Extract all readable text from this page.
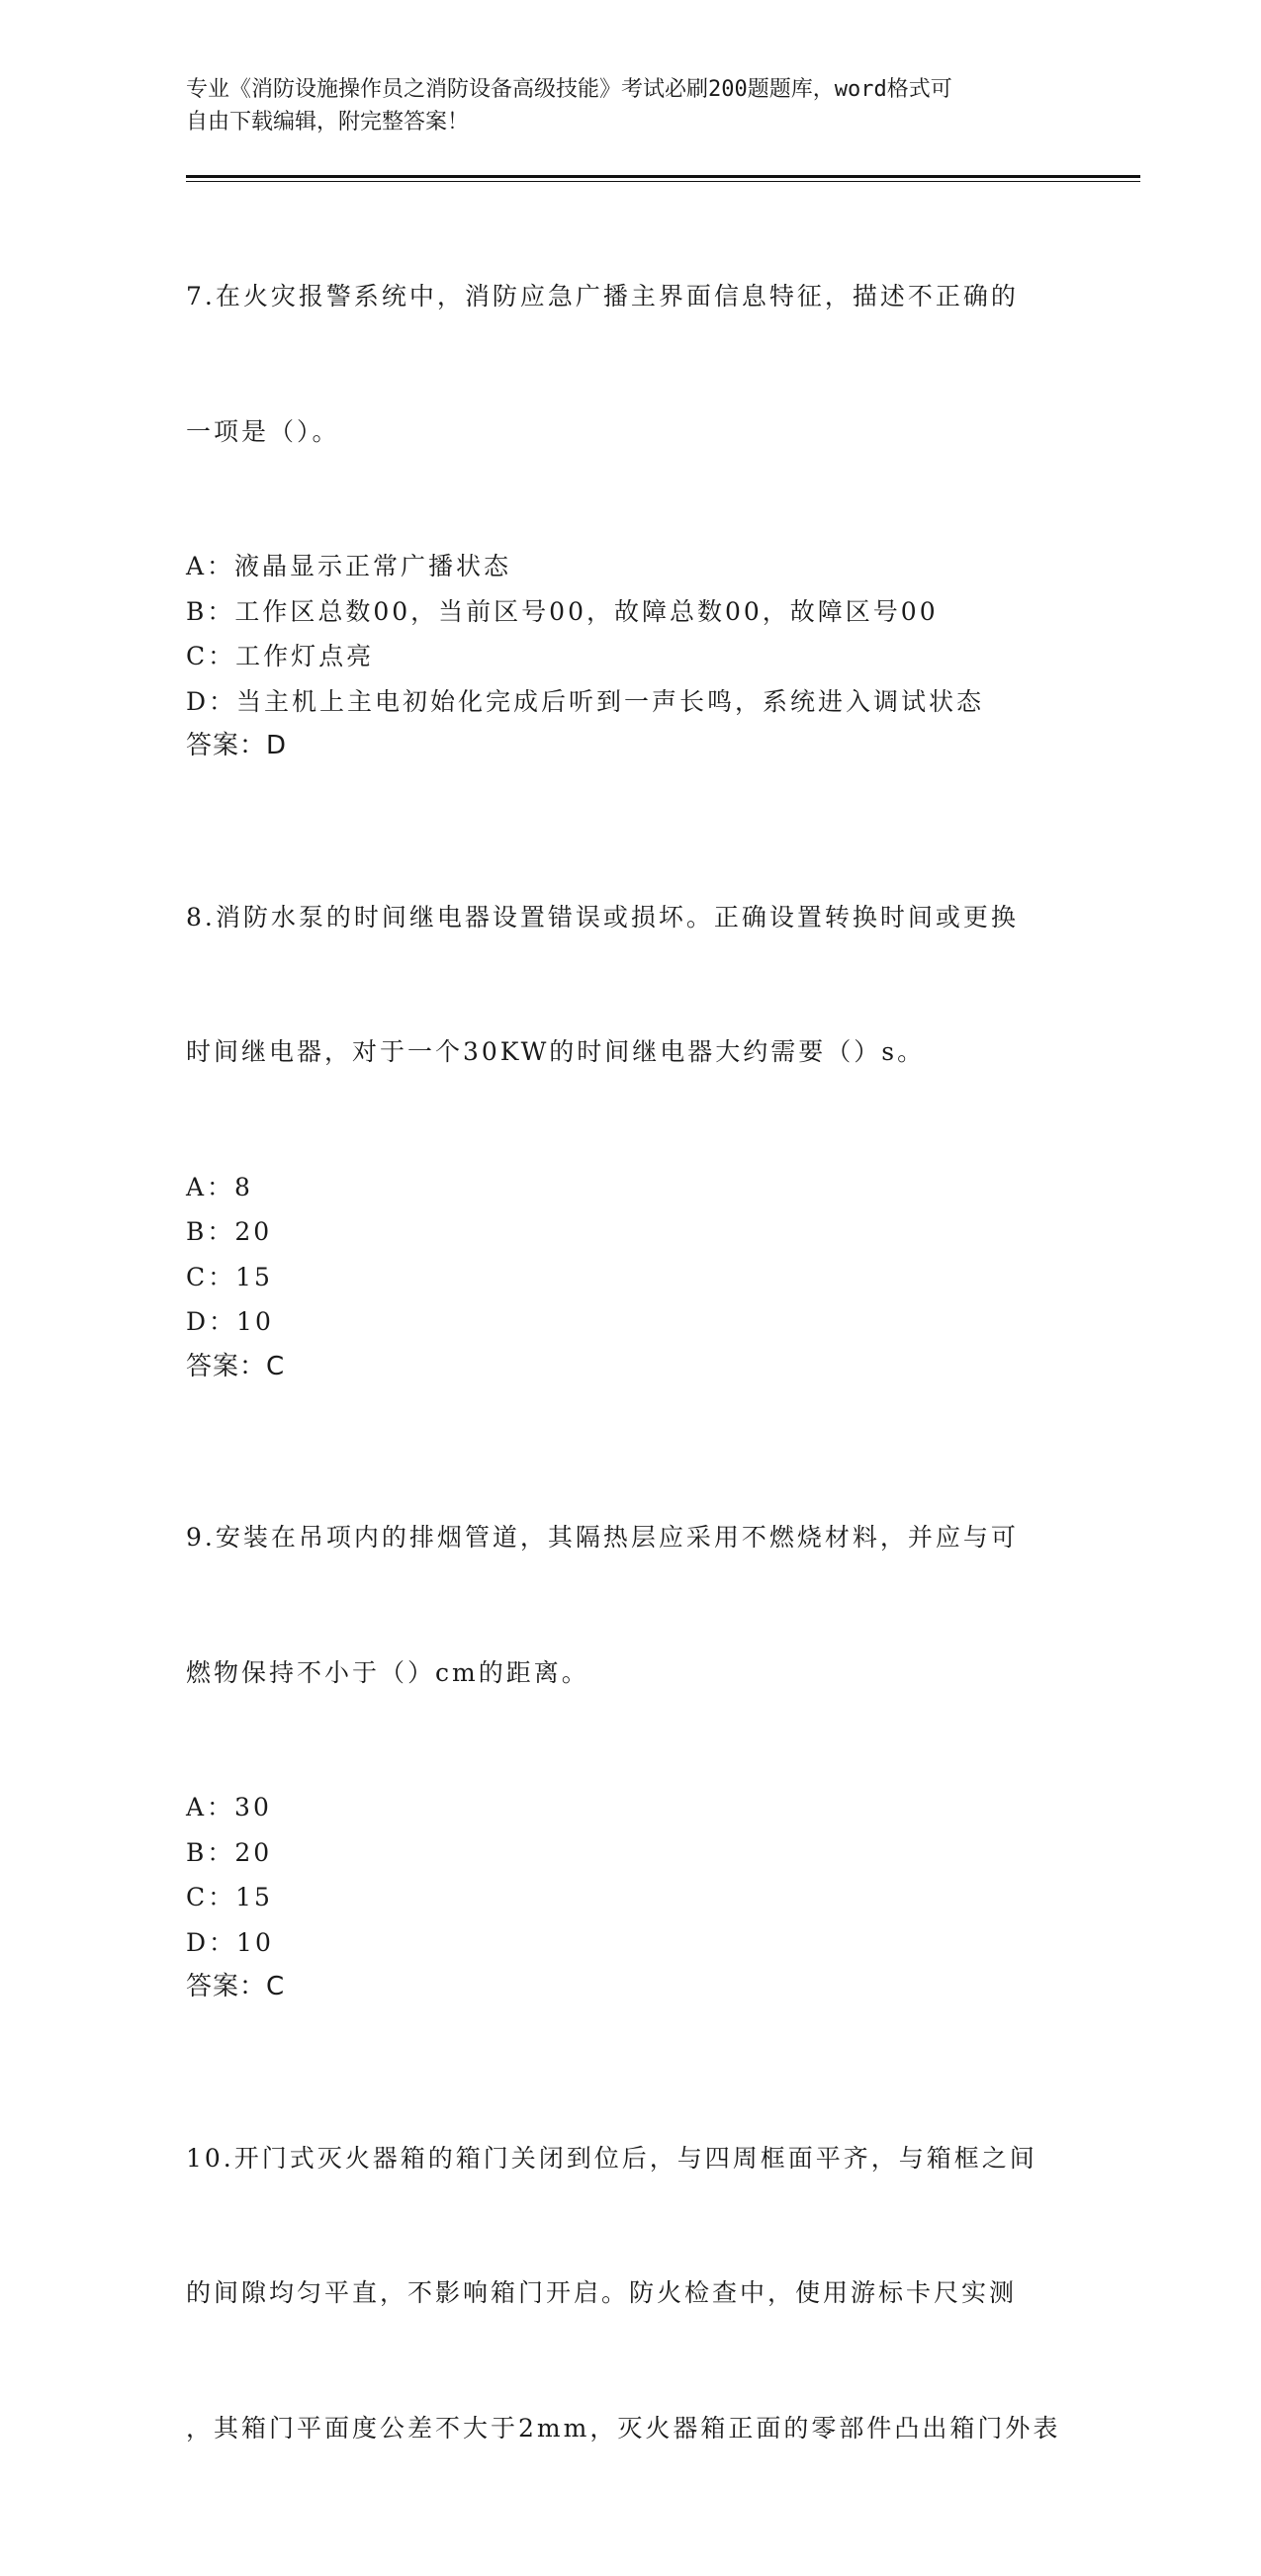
专业《消防设施操作员之消防设备高级技能》考试必刷200题题库，word格式可
自由下载编辑，附完整答案！

7.在火灾报警系统中，消防应急广播主界面信息特征，描述不正确的

一项是（）。

A：液晶显示正常广播状态
B：工作区总数00，当前区号00，故障总数00，故障区号00
C：工作灯点亮
D：当主机上主电初始化完成后听到一声长鸣，系统进入调试状态
答案：D

8.消防水泵的时间继电器设置错误或损坏。正确设置转换时间或更换

时间继电器，对于一个30KW的时间继电器大约需要（）s。

A：8
B：20
C：15
D：10
答案：C

9.安装在吊项内的排烟管道，其隔热层应采用不燃烧材料，并应与可

燃物保持不小于（）cm的距离。

A：30
B：20
C：15
D：10
答案：C

10.开门式灭火器箱的箱门关闭到位后，与四周框面平齐，与箱框之间

的间隙均匀平直，不影响箱门开启。防火检查中，使用游标卡尺实测

，其箱门平面度公差不大于2mm，灭火器箱正面的零部件凸出箱门外表
